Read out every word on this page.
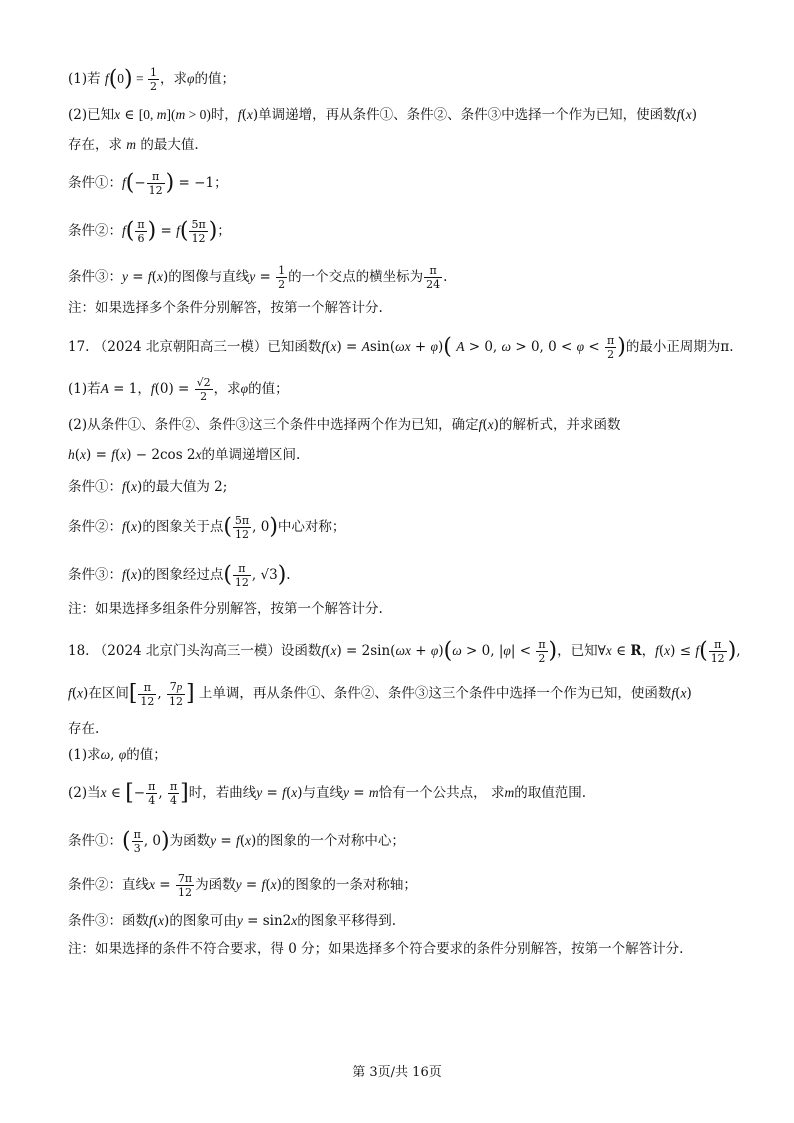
(1)若 $f(0) = \frac{1}{2}$ ，求φ的值；
(2)已知x ∈ [0, m](m > 0)时，f(x)单调递增，再从条件①、条件②、条件③中选择一个作为已知，使函数f(x)
存在，求 m 的最大值.
条件①：$f(- \frac{\pi}{12}$ ) = −1；
条件②：$f( \frac{\pi}{6}$ ) = $f( \frac{5\pi}{12}$ )；
条件③：y = f(x)的图像与直线$y = \frac{1}{2}$ 的一个交点的横坐标为 $\frac{\pi}{24}$ .
注：如果选择多个条件分别解答，按第一个解答计分.
17. （2024 北京朝阳高三一模）已知函数f(x) = Asin(ωx + φ)( A > 0, ω > 0, $0 < \varphi < \frac{\pi}{2}$ )的最小正周期为π.
(1)若A = 1，$f(0) = \frac{√2}{2}$ ，求φ的值；
(2)从条件①、条件②、条件③这三个条件中选择两个作为已知，确定f(x)的解析式，并求函数
h(x) = f(x) − 2cos 2x的单调递增区间.
条件①：f(x)的最大值为 2;
条件②：f(x)的图象关于点( $\frac{5\pi}{12}$ , 0)中心对称；
条件③：f(x)的图象经过点( $\frac{\pi}{12}$ , √3).
注：如果选择多组条件分别解答，按第一个解答计分.
18. （2024 北京门头沟高三一模）设函数f(x) = 2sin(ωx + φ)(ω > 0, $|\varphi| < \frac{\pi}{2}$ )，已知∀x ∈ R，$f(x) \le f( \frac{\pi}{12}$ ),
f(x)在区间[ $\frac{\pi}{12}$ , $\frac{7p}{12}$ ] 上单调，再从条件①、条件②、条件③这三个条件中选择一个作为已知，使函数f(x)
存在.
(1)求ω, φ的值；
(2)当x ∈ [− $\frac{\pi}{4}$ , $\frac{\pi}{4}$ ]时，若曲线y = f(x)与直线y = m恰有一个公共点， 求m的取值范围.
条件①：( $\frac{\pi}{3}$ , 0)为函数y = f(x)的图象的一个对称中心；
条件②：直线$x = \frac{7\pi}{12}$ 为函数y = f(x)的图象的一条对称轴；
条件③：函数f(x)的图象可由y = sin2x的图象平移得到.
注：如果选择的条件不符合要求，得 0 分；如果选择多个符合要求的条件分别解答，按第一个解答计分.
第 3页/共 16页
